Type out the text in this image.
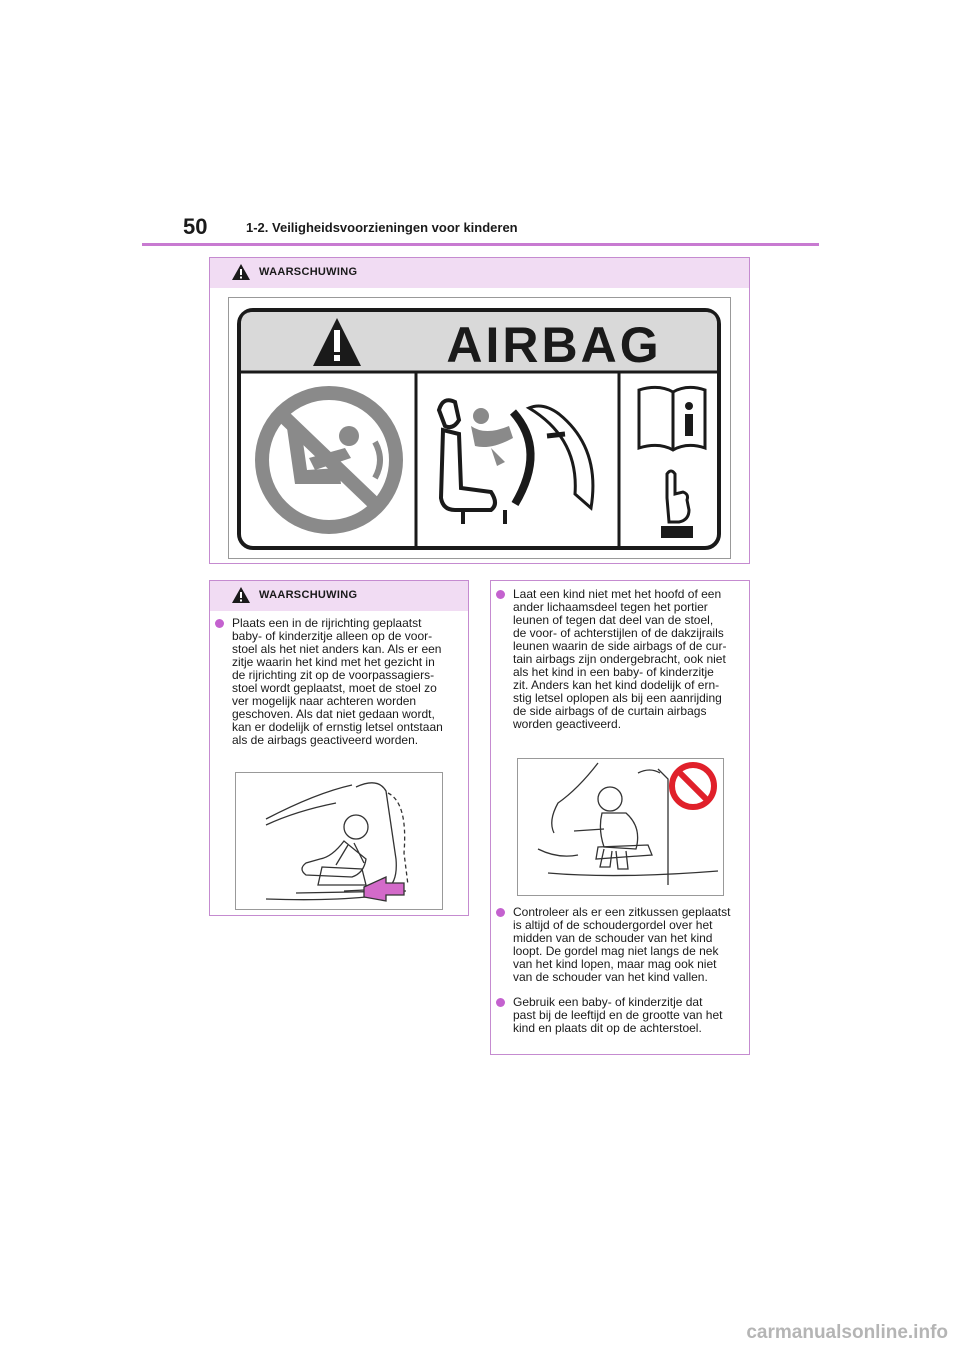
50	1-2. Veiligheidsvoorzieningen voor kinderen
WAARSCHUWING
AIRBAG
WAARSCHUWING
Plaats een in de rijrichting geplaatst
baby- of kinderzitje alleen op de voor-
stoel als het niet anders kan. Als er een
zitje waarin het kind met het gezicht in
de rijrichting zit op de voorpassagiers-
stoel wordt geplaatst, moet de stoel zo
ver mogelijk naar achteren worden
geschoven. Als dat niet gedaan wordt,
kan er dodelijk of ernstig letsel ontstaan
als de airbags geactiveerd worden.
Laat een kind niet met het hoofd of een
ander lichaamsdeel tegen het portier
leunen of tegen dat deel van de stoel,
de voor- of achterstijlen of de dakzijrails
leunen waarin de side airbags of de cur-
tain airbags zijn ondergebracht, ook niet
als het kind in een baby- of kinderzitje
zit. Anders kan het kind dodelijk of ern-
stig letsel oplopen als bij een aanrijding
de side airbags of de curtain airbags
worden geactiveerd.
Controleer als er een zitkussen geplaatst
is altijd of de schoudergordel over het
midden van de schouder van het kind
loopt. De gordel mag niet langs de nek
van het kind lopen, maar mag ook niet
van de schouder van het kind vallen.
Gebruik een baby- of kinderzitje dat
past bij de leeftijd en de grootte van het
kind en plaats dit op de achterstoel.
carmanualsonline.info
